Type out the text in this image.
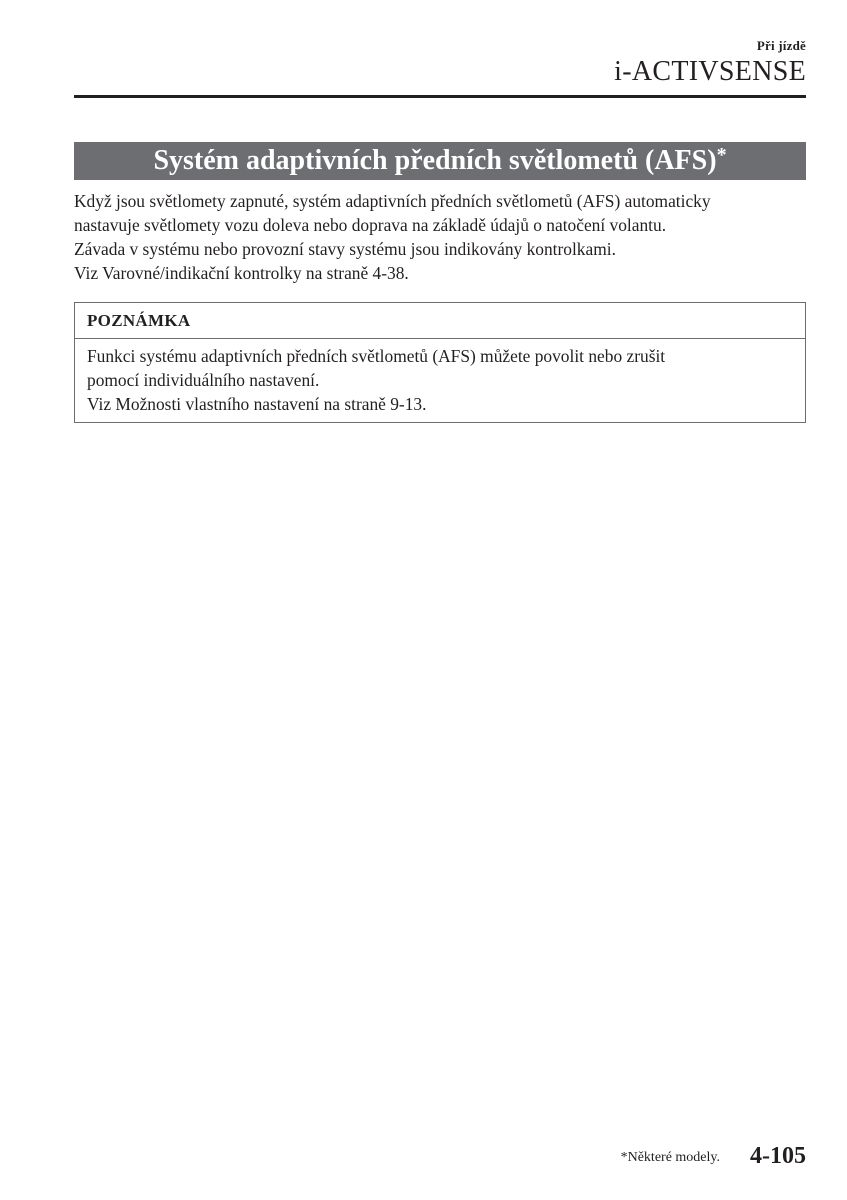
Při jízdě
i-ACTIVSENSE
Systém adaptivních předních světlometů (AFS)*

Když jsou světlomety zapnuté, systém adaptivních předních světlometů (AFS) automaticky

nastavuje světlomety vozu doleva nebo doprava na základě údajů o natočení volantu.

Závada v systému nebo provozní stavy systému jsou indikovány kontrolkami.

Viz Varovné/indikační kontrolky na straně 4-38.

POZNÁMKA

Funkci systému adaptivních předních světlometů (AFS) můžete povolit nebo zrušit

pomocí individuálního nastavení.

Viz Možnosti vlastního nastavení na straně 9-13.

*Některé modely. 4-105
